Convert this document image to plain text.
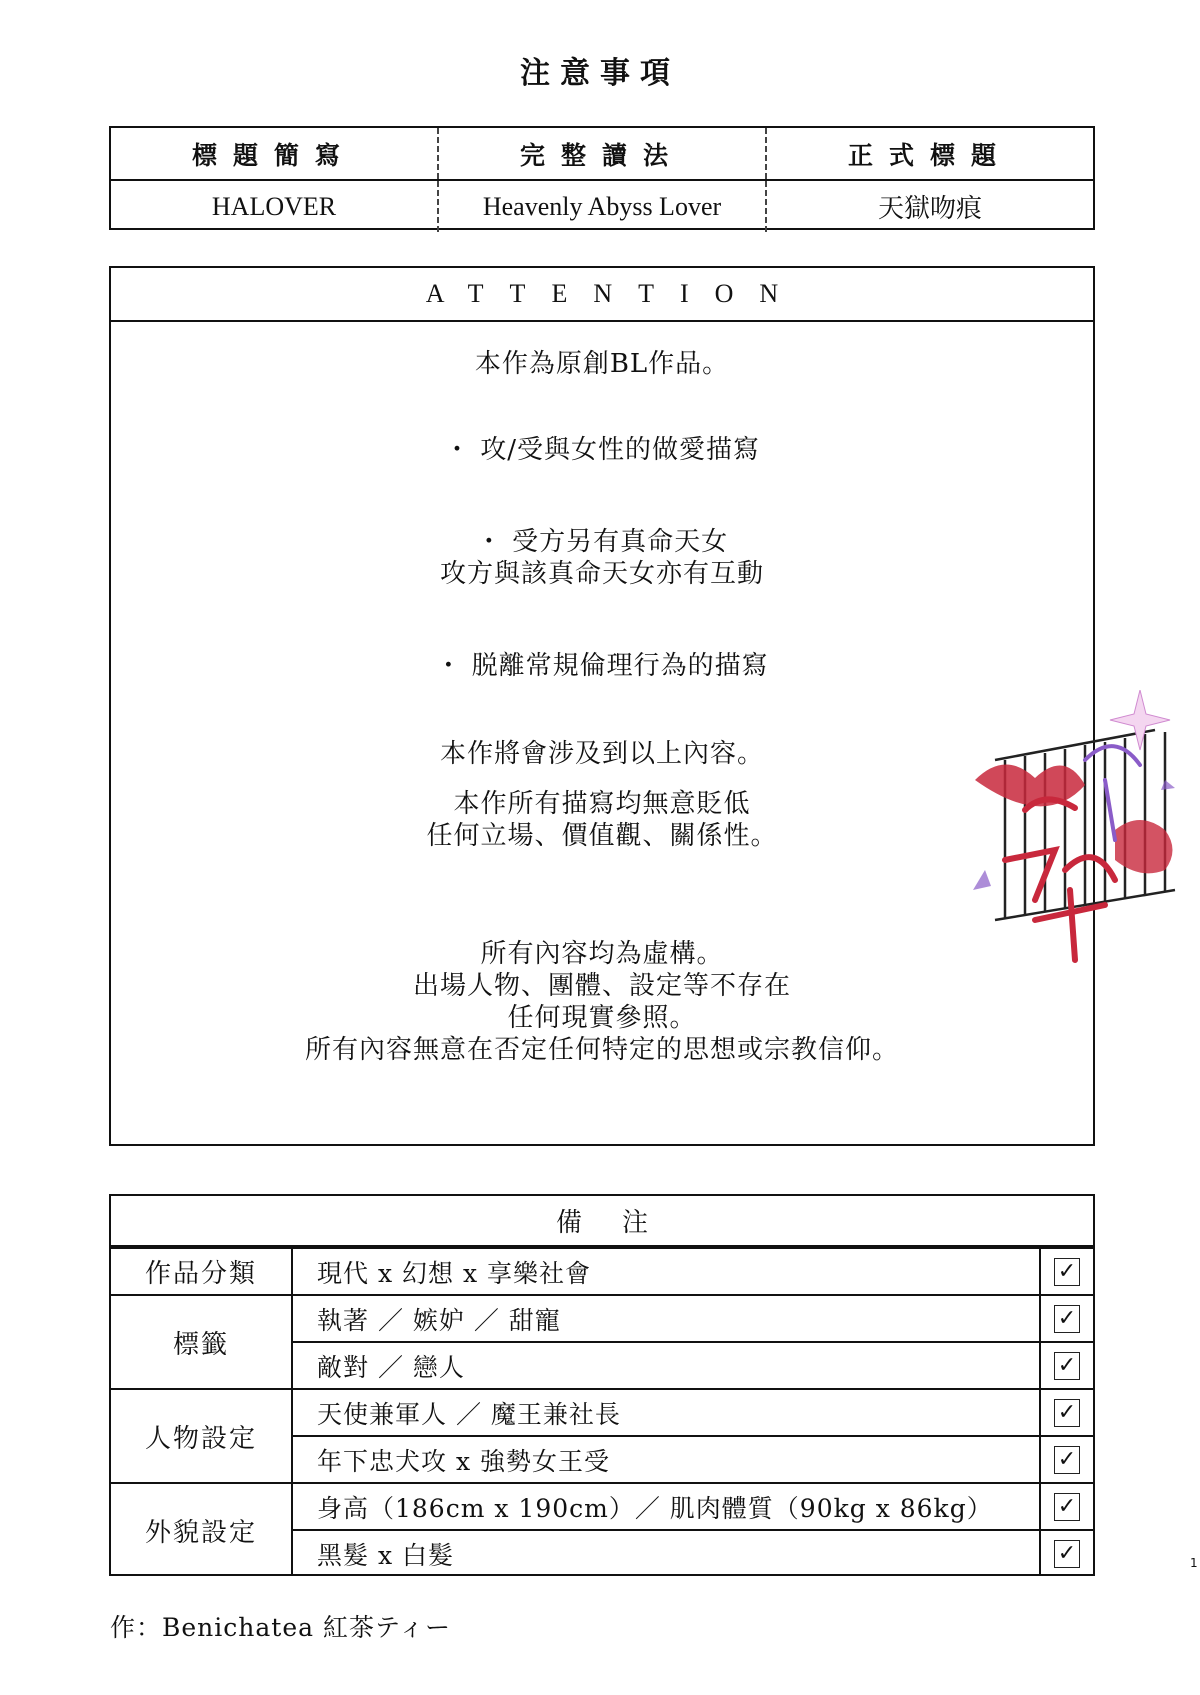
注意事項
標題簡寫	完整讀法	正式標題
HALOVER	Heavenly Abyss Lover	天獄吻痕
ATTENTION
本作為原創BL作品。
・ 攻/受與女性的做愛描寫
・ 受方另有真命天女
攻方與該真命天女亦有互動
・ 脱離常規倫理行為的描寫
本作將會涉及到以上內容。
本作所有描寫均無意貶低
任何立場、價值觀、關係性。
所有內容均為虛構。
出場人物、團體、設定等不存在
任何現實參照。
所有內容無意在否定任何特定的思想或宗教信仰。
備注
作品分類	現代 x 幻想 x 享樂社會	✓
標籤
執著 ／ 嫉妒 ／ 甜寵	✓
敵對 ／ 戀人	✓
人物設定
天使兼軍人 ／ 魔王兼社長	✓
年下忠犬攻 x 強勢女王受	✓
外貌設定
身高（186cm x 190cm）／ 肌肉體質（90kg x 86kg）	✓
黑髮 x 白髮	✓
作：Benichatea 紅茶ティー
1
